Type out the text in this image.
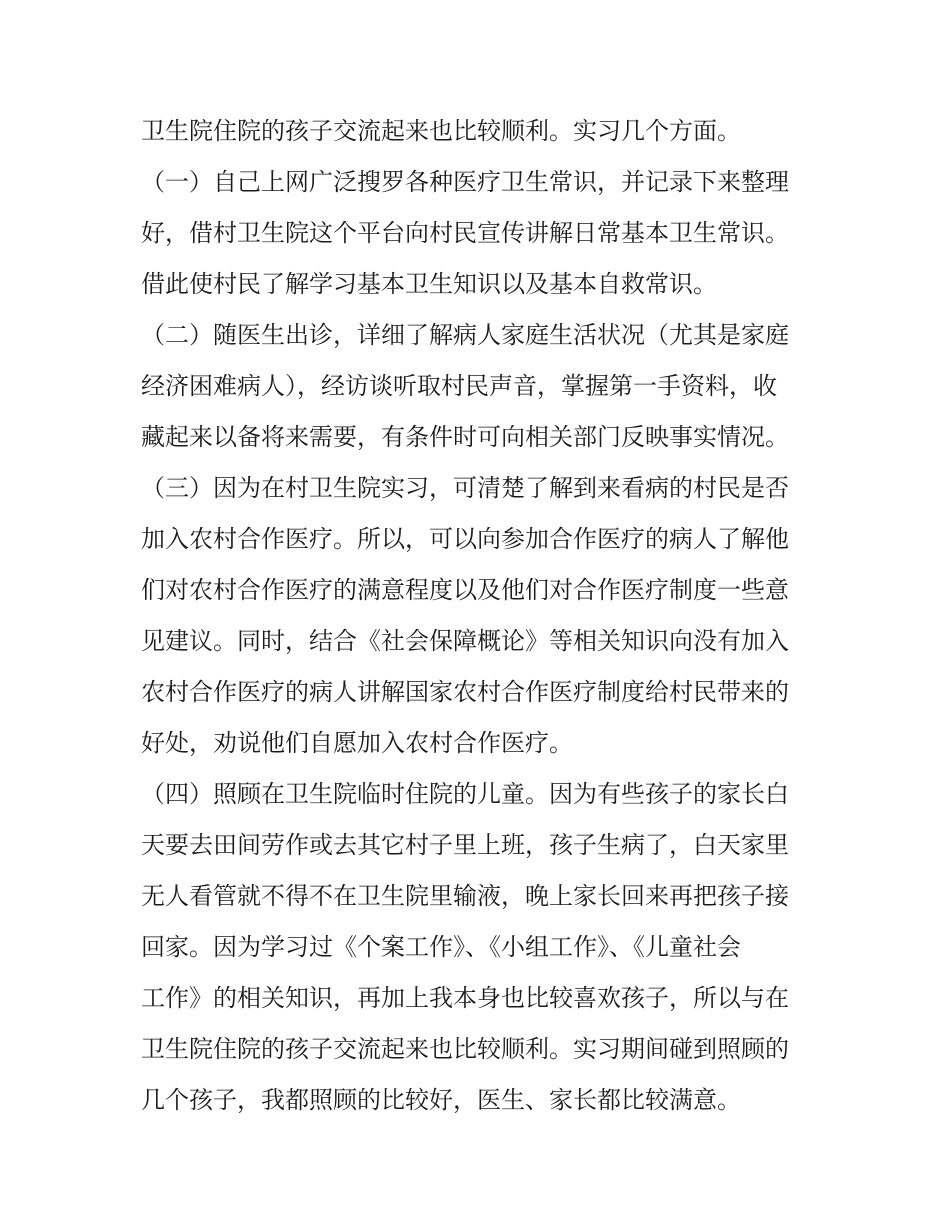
卫生院住院的孩子交流起来也比较顺利。实习几个方面。
（一）自己上网广泛搜罗各种医疗卫生常识，并记录下来整理
好，借村卫生院这个平台向村民宣传讲解日常基本卫生常识。
借此使村民了解学习基本卫生知识以及基本自救常识。
（二）随医生出诊，详细了解病人家庭生活状况（尤其是家庭
经济困难病人），经访谈听取村民声音，掌握第一手资料，收
藏起来以备将来需要，有条件时可向相关部门反映事实情况。
（三）因为在村卫生院实习，可清楚了解到来看病的村民是否
加入农村合作医疗。所以，可以向参加合作医疗的病人了解他
们对农村合作医疗的满意程度以及他们对合作医疗制度一些意
见建议。同时，结合《社会保障概论》等相关知识向没有加入
农村合作医疗的病人讲解国家农村合作医疗制度给村民带来的
好处，劝说他们自愿加入农村合作医疗。
（四）照顾在卫生院临时住院的儿童。因为有些孩子的家长白
天要去田间劳作或去其它村子里上班，孩子生病了，白天家里
无人看管就不得不在卫生院里输液，晚上家长回来再把孩子接
回家。因为学习过《个案工作》、《小组工作》、《儿童社会
工作》的相关知识，再加上我本身也比较喜欢孩子，所以与在
卫生院住院的孩子交流起来也比较顺利。实习期间碰到照顾的
几个孩子，我都照顾的比较好，医生、家长都比较满意。
